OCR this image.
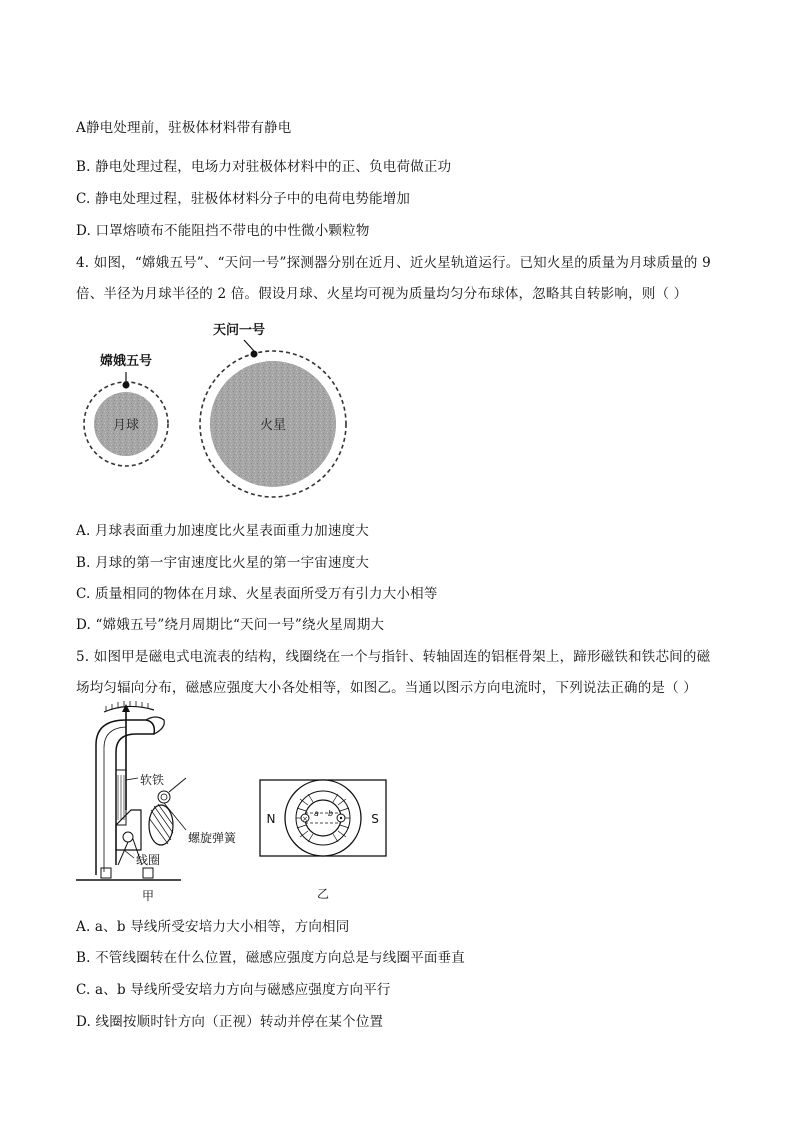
A静电处理前，驻极体材料带有静电
B. 静电处理过程，电场力对驻极体材料中的正、负电荷做正功
C. 静电处理过程，驻极体材料分子中的电荷电势能增加
D. 口罩熔喷布不能阻挡不带电的中性微小颗粒物
4. 如图，“嫦娥五号”、“天问一号”探测器分别在近月、近火星轨道运行。已知火星的质量为月球质量的 9
倍、半径为月球半径的 2 倍。假设月球、火星均可视为质量均匀分布球体，忽略其自转影响，则（ ）
月球
嫦娥五号
火星
天问一号
A. 月球表面重力加速度比火星表面重力加速度大
B. 月球的第一宇宙速度比火星的第一宇宙速度大
C. 质量相同的物体在月球、火星表面所受万有引力大小相等
D. “嫦娥五号”绕月周期比“天问一号”绕火星周期大
5. 如图甲是磁电式电流表的结构，线圈绕在一个与指针、转轴固连的铝框骨架上，蹄形磁铁和铁芯间的磁
场均匀辐向分布，磁感应强度大小各处相等，如图乙。当通以图示方向电流时，下列说法正确的是（ ）
软铁
螺旋弹簧
线圈
甲
×
a b
N	S
乙
A. a、b 导线所受安培力大小相等，方向相同
B. 不管线圈转在什么位置，磁感应强度方向总是与线圈平面垂直
C. a、b 导线所受安培力方向与磁感应强度方向平行
D. 线圈按顺时针方向（正视）转动并停在某个位置
